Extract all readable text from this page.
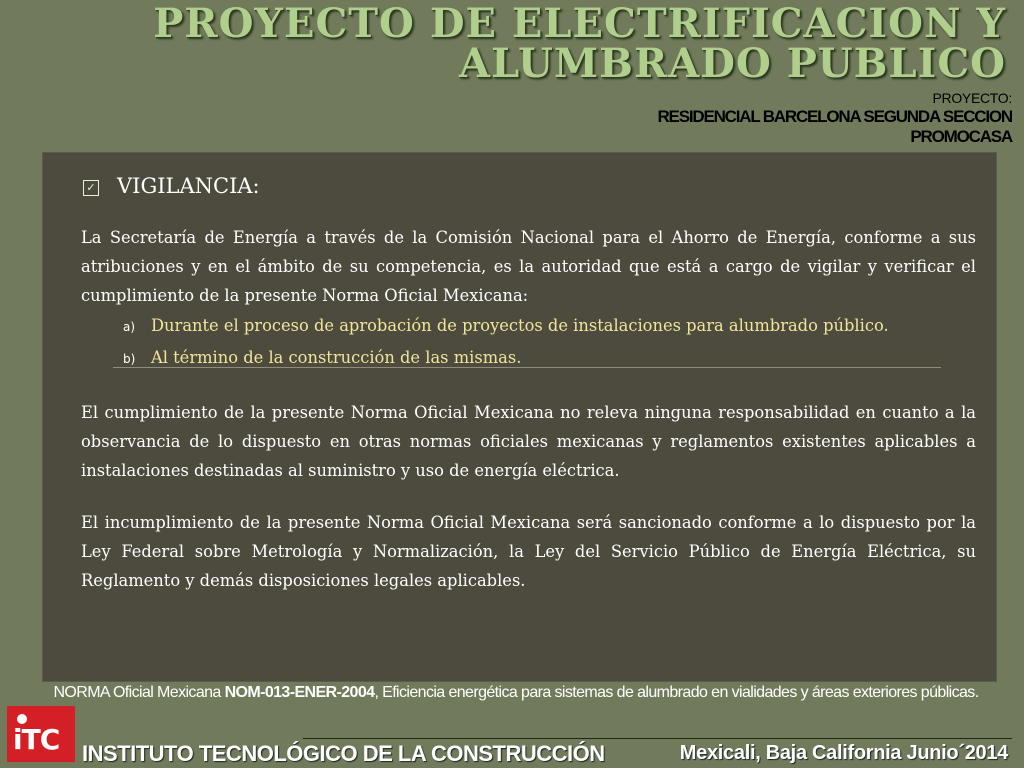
PROYECTO DE ELECTRIFICACION Y ALUMBRADO PUBLICO
PROYECTO:
RESIDENCIAL BARCELONA SEGUNDA SECCION
PROMOCASA
✓ VIGILANCIA:

La Secretaría de Energía a través de la Comisión Nacional para el Ahorro de Energía, conforme a sus atribuciones y en el ámbito de su competencia, es la autoridad que está a cargo de vigilar y verificar el cumplimiento de la presente Norma Oficial Mexicana:

a) Durante el proceso de aprobación de proyectos de instalaciones para alumbrado público.
b) Al término de la construcción de las mismas.

El cumplimiento de la presente Norma Oficial Mexicana no releva ninguna responsabilidad en cuanto a la observancia de lo dispuesto en otras normas oficiales mexicanas y reglamentos existentes aplicables a instalaciones destinadas al suministro y uso de energía eléctrica.

El incumplimiento de la presente Norma Oficial Mexicana será sancionado conforme a lo dispuesto por la Ley Federal sobre Metrología y Normalización, la Ley del Servicio Público de Energía Eléctrica, su Reglamento y demás disposiciones legales aplicables.

NORMA Oficial Mexicana NOM-013-ENER-2004, Eficiencia energética para sistemas de alumbrado en vialidades y áreas exteriores públicas.
iTC INSTITUTO TECNOLÓGICO DE LA CONSTRUCCIÓN	Mexicali, Baja California Junio´2014
